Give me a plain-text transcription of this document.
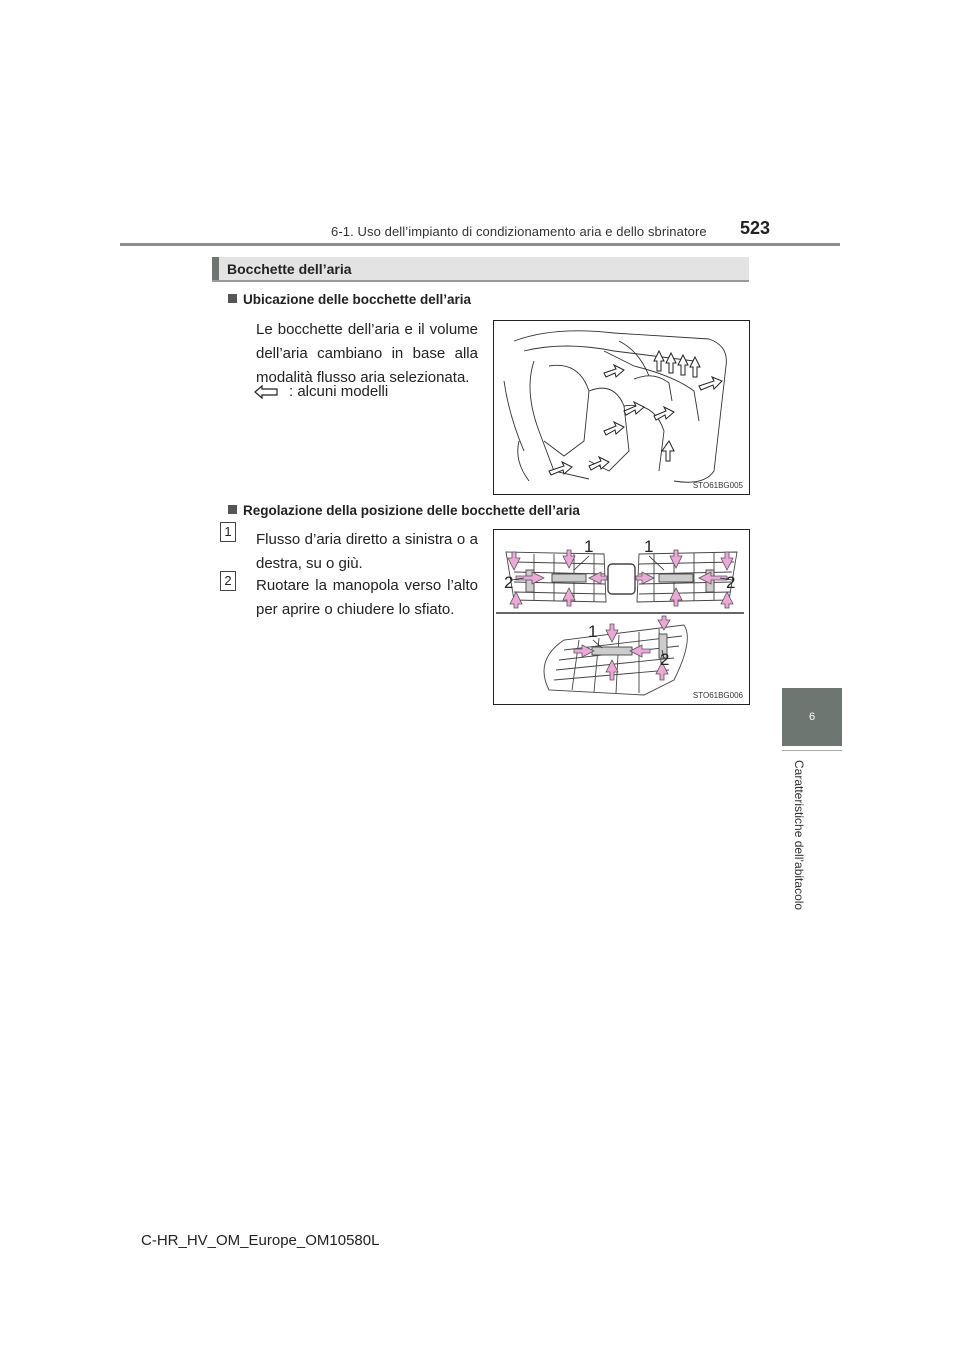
6-1. Uso dell’impianto di condizionamento aria e dello sbrinatore 523
Bocchette dell’aria
Ubicazione delle bocchette dell’aria
Le bocchette dell’aria e il volume dell’aria cambiano in base alla modalità flusso aria selezionata.
: alcuni modelli
STO61BG005
Regolazione della posizione delle bocchette dell’aria
1 Flusso d’aria diretto a sinistra o a destra, su o giù.
2 Ruotare la manopola verso l’alto per aprire o chiudere lo sfiato.
1	1
2	2
1
2
STO61BG006
6
Caratteristiche dell’abitacolo
C-HR_HV_OM_Europe_OM10580L
